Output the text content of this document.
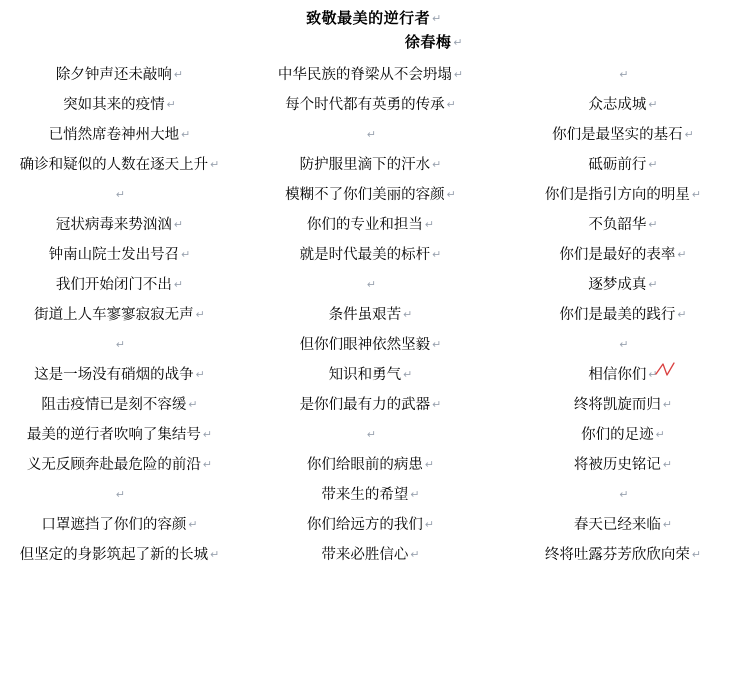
致敬最美的逆行者 ↵
徐春梅 ↵
除夕钟声还未敲响 ↵
突如其来的疫情 ↵
已悄然席卷神州大地 ↵
确诊和疑似的人数在逐天上升 ↵
↵
冠状病毒来势汹汹 ↵
钟南山院士发出号召 ↵
我们开始闭门不出 ↵
街道上人车寥寥寂寂无声 ↵
↵
这是一场没有硝烟的战争 ↵
阻击疫情已是刻不容缓 ↵
最美的逆行者吹响了集结号 ↵
义无反顾奔赴最危险的前沿 ↵
↵
口罩遮挡了你们的容颜 ↵
但坚定的身影筑起了新的长城 ↵
中华民族的脊梁从不会坍塌 ↵
每个时代都有英勇的传承 ↵
↵
防护服里滴下的汗水 ↵
模糊不了你们美丽的容颜 ↵
你们的专业和担当 ↵
就是时代最美的标杆 ↵
↵
条件虽艰苦 ↵
但你们眼神依然坚毅 ↵
知识和勇气 ↵
是你们最有力的武器 ↵
↵
你们给眼前的病患 ↵
带来生的希望 ↵
你们给远方的我们 ↵
带来必胜信心 ↵
↵
众志成城 ↵
你们是最坚实的基石 ↵
砥砺前行 ↵
你们是指引方向的明星 ↵
不负韶华 ↵
你们是最好的表率 ↵
逐梦成真 ↵
你们是最美的践行 ↵
↵
相信你们 ↵
终将凯旋而归 ↵
你们的足迹 ↵
将被历史铭记 ↵
↵
春天已经来临 ↵
终将吐露芬芳欣欣向荣 ↵
